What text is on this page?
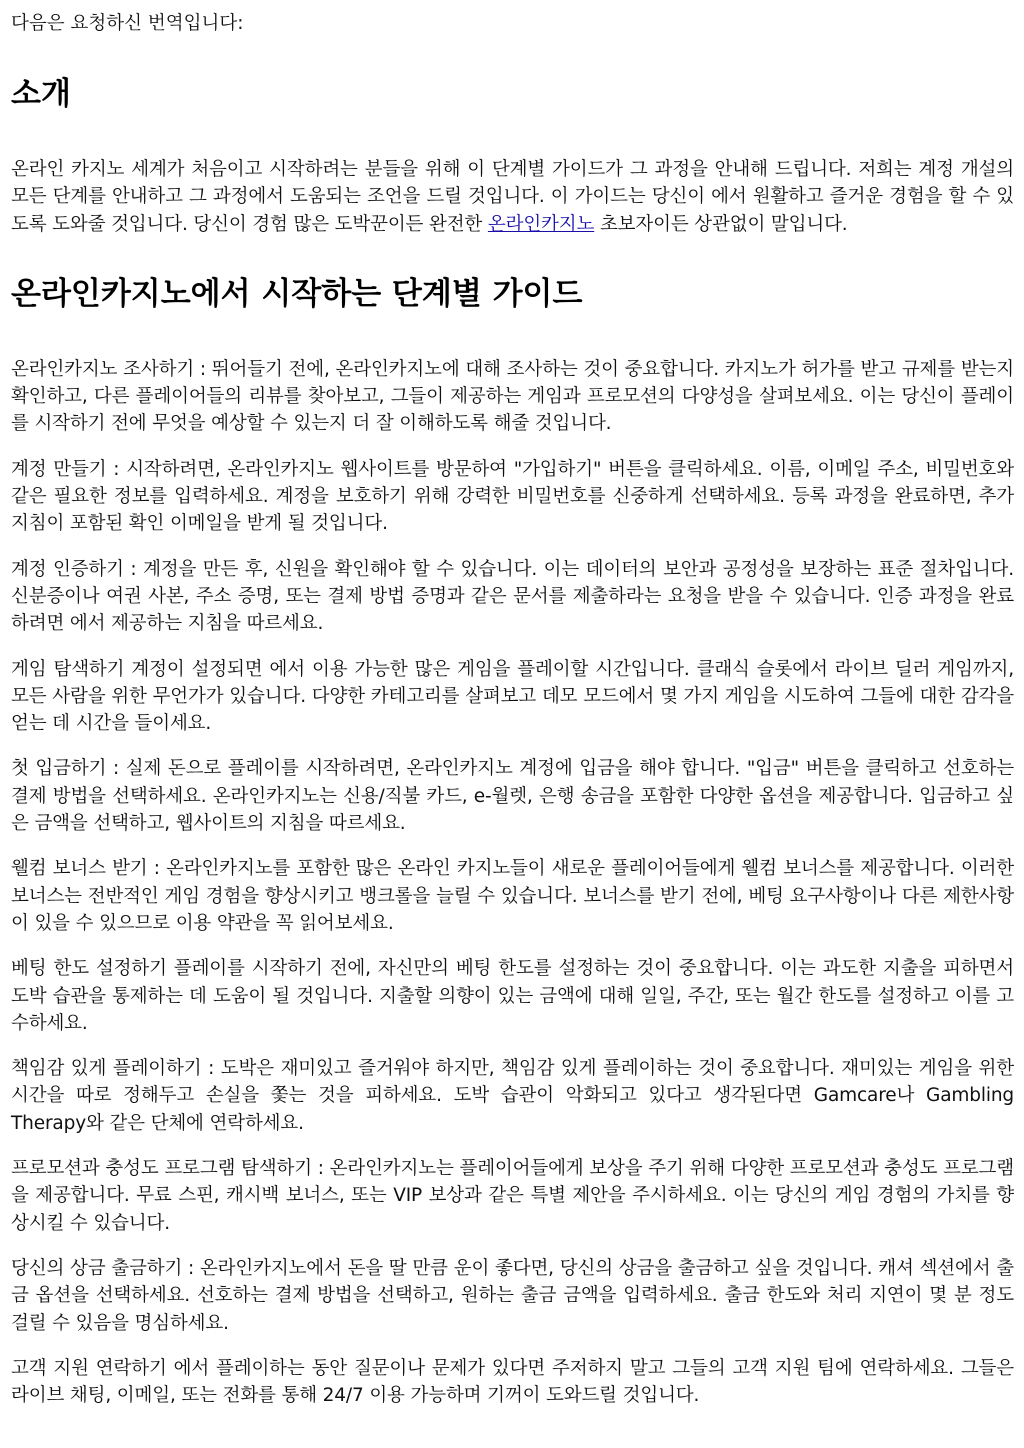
다음은 요청하신 번역입니다:

소개

온라인 카지노 세계가 처음이고 시작하려는 분들을 위해 이 단계별 가이드가 그 과정을 안내해 드립니다. 저희는 계정 개설의 모든 단계를 안내하고 그 과정에서 도움되는 조언을 드릴 것입니다. 이 가이드는 당신이 에서 원활하고 즐거운 경험을 할 수 있도록 도와줄 것입니다. 당신이 경험 많은 도박꾼이든 완전한 온라인카지노 초보자이든 상관없이 말입니다.

온라인카지노에서 시작하는 단계별 가이드

온라인카지노 조사하기 : 뛰어들기 전에, 온라인카지노에 대해 조사하는 것이 중요합니다. 카지노가 허가를 받고 규제를 받는지 확인하고, 다른 플레이어들의 리뷰를 찾아보고, 그들이 제공하는 게임과 프로모션의 다양성을 살펴보세요. 이는 당신이 플레이를 시작하기 전에 무엇을 예상할 수 있는지 더 잘 이해하도록 해줄 것입니다.

계정 만들기 : 시작하려면, 온라인카지노 웹사이트를 방문하여 "가입하기" 버튼을 클릭하세요. 이름, 이메일 주소, 비밀번호와 같은 필요한 정보를 입력하세요. 계정을 보호하기 위해 강력한 비밀번호를 신중하게 선택하세요. 등록 과정을 완료하면, 추가 지침이 포함된 확인 이메일을 받게 될 것입니다.

계정 인증하기 : 계정을 만든 후, 신원을 확인해야 할 수 있습니다. 이는 데이터의 보안과 공정성을 보장하는 표준 절차입니다. 신분증이나 여권 사본, 주소 증명, 또는 결제 방법 증명과 같은 문서를 제출하라는 요청을 받을 수 있습니다. 인증 과정을 완료하려면 에서 제공하는 지침을 따르세요.

게임 탐색하기 계정이 설정되면 에서 이용 가능한 많은 게임을 플레이할 시간입니다. 클래식 슬롯에서 라이브 딜러 게임까지, 모든 사람을 위한 무언가가 있습니다. 다양한 카테고리를 살펴보고 데모 모드에서 몇 가지 게임을 시도하여 그들에 대한 감각을 얻는 데 시간을 들이세요.

첫 입금하기 : 실제 돈으로 플레이를 시작하려면, 온라인카지노 계정에 입금을 해야 합니다. "입금" 버튼을 클릭하고 선호하는 결제 방법을 선택하세요. 온라인카지노는 신용/직불 카드, e-월렛, 은행 송금을 포함한 다양한 옵션을 제공합니다. 입금하고 싶은 금액을 선택하고, 웹사이트의 지침을 따르세요.

웰컴 보너스 받기 : 온라인카지노를 포함한 많은 온라인 카지노들이 새로운 플레이어들에게 웰컴 보너스를 제공합니다. 이러한 보너스는 전반적인 게임 경험을 향상시키고 뱅크롤을 늘릴 수 있습니다. 보너스를 받기 전에, 베팅 요구사항이나 다른 제한사항이 있을 수 있으므로 이용 약관을 꼭 읽어보세요.

베팅 한도 설정하기 플레이를 시작하기 전에, 자신만의 베팅 한도를 설정하는 것이 중요합니다. 이는 과도한 지출을 피하면서 도박 습관을 통제하는 데 도움이 될 것입니다. 지출할 의향이 있는 금액에 대해 일일, 주간, 또는 월간 한도를 설정하고 이를 고수하세요.

책임감 있게 플레이하기 : 도박은 재미있고 즐거워야 하지만, 책임감 있게 플레이하는 것이 중요합니다. 재미있는 게임을 위한 시간을 따로 정해두고 손실을 쫓는 것을 피하세요. 도박 습관이 악화되고 있다고 생각된다면 Gamcare나 Gambling Therapy와 같은 단체에 연락하세요.

프로모션과 충성도 프로그램 탐색하기 : 온라인카지노는 플레이어들에게 보상을 주기 위해 다양한 프로모션과 충성도 프로그램을 제공합니다. 무료 스핀, 캐시백 보너스, 또는 VIP 보상과 같은 특별 제안을 주시하세요. 이는 당신의 게임 경험의 가치를 향상시킬 수 있습니다.

당신의 상금 출금하기 : 온라인카지노에서 돈을 딸 만큼 운이 좋다면, 당신의 상금을 출금하고 싶을 것입니다. 캐셔 섹션에서 출금 옵션을 선택하세요. 선호하는 결제 방법을 선택하고, 원하는 출금 금액을 입력하세요. 출금 한도와 처리 지연이 몇 분 정도 걸릴 수 있음을 명심하세요.

고객 지원 연락하기 에서 플레이하는 동안 질문이나 문제가 있다면 주저하지 말고 그들의 고객 지원 팀에 연락하세요. 그들은 라이브 채팅, 이메일, 또는 전화를 통해 24/7 이용 가능하며 기꺼이 도와드릴 것입니다.
